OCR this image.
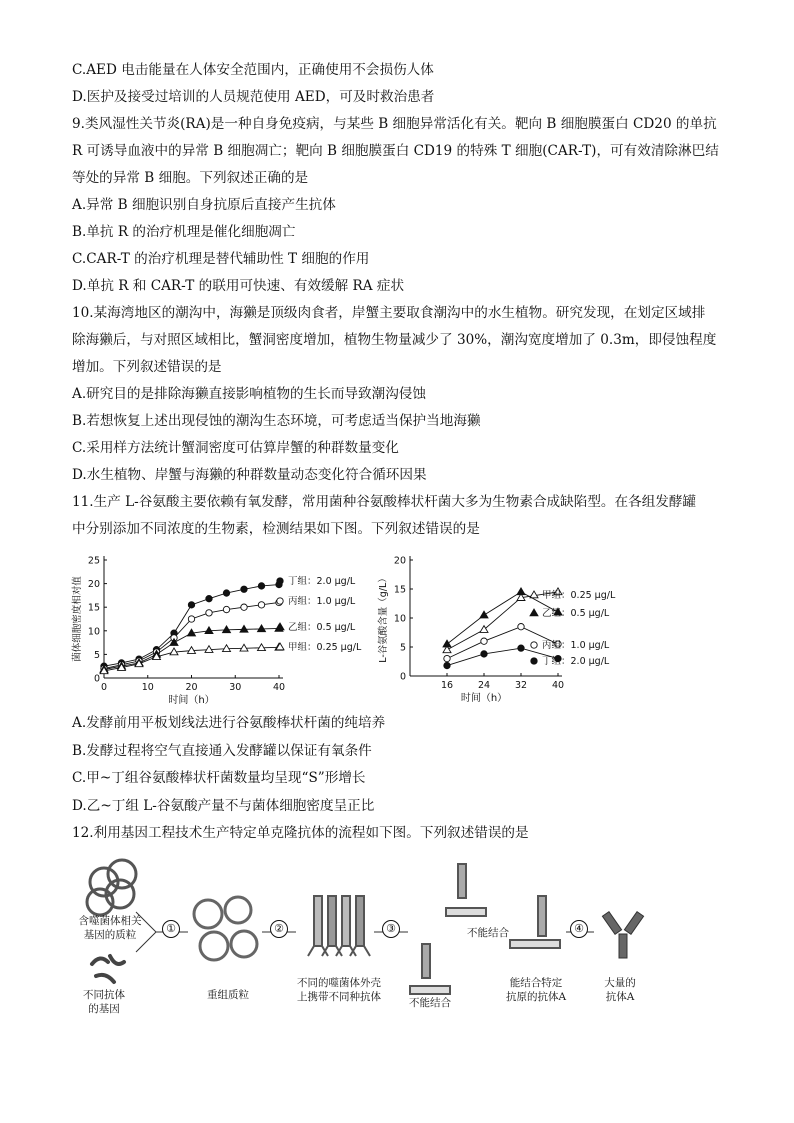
C.AED 电击能量在人体安全范围内，正确使用不会损伤人体
D.医护及接受过培训的人员规范使用 AED，可及时救治患者
9.类风湿性关节炎(RA)是一种自身免疫病，与某些 B 细胞异常活化有关。靶向 B 细胞膜蛋白 CD20 的单抗
R 可诱导血液中的异常 B 细胞凋亡；靶向 B 细胞膜蛋白 CD19 的特殊 T 细胞(CAR-T)，可有效清除淋巴结
等处的异常 B 细胞。下列叙述正确的是
A.异常 B 细胞识别自身抗原后直接产生抗体
B.单抗 R 的治疗机理是催化细胞凋亡
C.CAR-T 的治疗机理是替代辅助性 T 细胞的作用
D.单抗 R 和 CAR-T 的联用可快速、有效缓解 RA 症状
10.某海湾地区的潮沟中，海獭是顶级肉食者，岸蟹主要取食潮沟中的水生植物。研究发现，在划定区域排
除海獭后，与对照区域相比，蟹洞密度增加，植物生物量减少了 30%，潮沟宽度增加了 0.3m，即侵蚀程度
增加。下列叙述错误的是
A.研究目的是排除海獭直接影响植物的生长而导致潮沟侵蚀
B.若想恢复上述出现侵蚀的潮沟生态环境，可考虑适当保护当地海獭
C.采用样方法统计蟹洞密度可估算岸蟹的种群数量变化
D.水生植物、岸蟹与海獭的种群数量动态变化符合循环因果
11.生产 L-谷氨酸主要依赖有氧发酵，常用菌种谷氨酸棒状杆菌大多为生物素合成缺陷型。在各组发酵罐
中分别添加不同浓度的生物素，检测结果如下图。下列叙述错误的是
0
5
10
15
20
25
0	10	20	30	40
时间（h）
菌体细胞密度相对值	丁组：2.0 μg/L
丙组：1.0 μg/L
乙组：0.5 μg/L
甲组：0.25 μg/L
0
5
10
15
20
16	24	32	40
时间（h）
L-谷氨酸含量（g/L）	甲组：0.25 μg/L
乙组：0.5 μg/L
丙组：1.0 μg/L
丁组：2.0 μg/L
A.发酵前用平板划线法进行谷氨酸棒状杆菌的纯培养
B.发酵过程将空气直接通入发酵罐以保证有氧条件
C.甲~丁组谷氨酸棒状杆菌数量均呈现“S”形增长
D.乙~丁组 L-谷氨酸产量不与菌体细胞密度呈正比
12.利用基因工程技术生产特定单克隆抗体的流程如下图。下列叙述错误的是
①	②	③	④
含噬菌体相关
基因的质粒
不同抗体
的基因
重组质粒
不同的噬菌体外壳
上携带不同种抗体
不能结合
不能结合
能结合特定
抗原的抗体A
大量的
抗体A
